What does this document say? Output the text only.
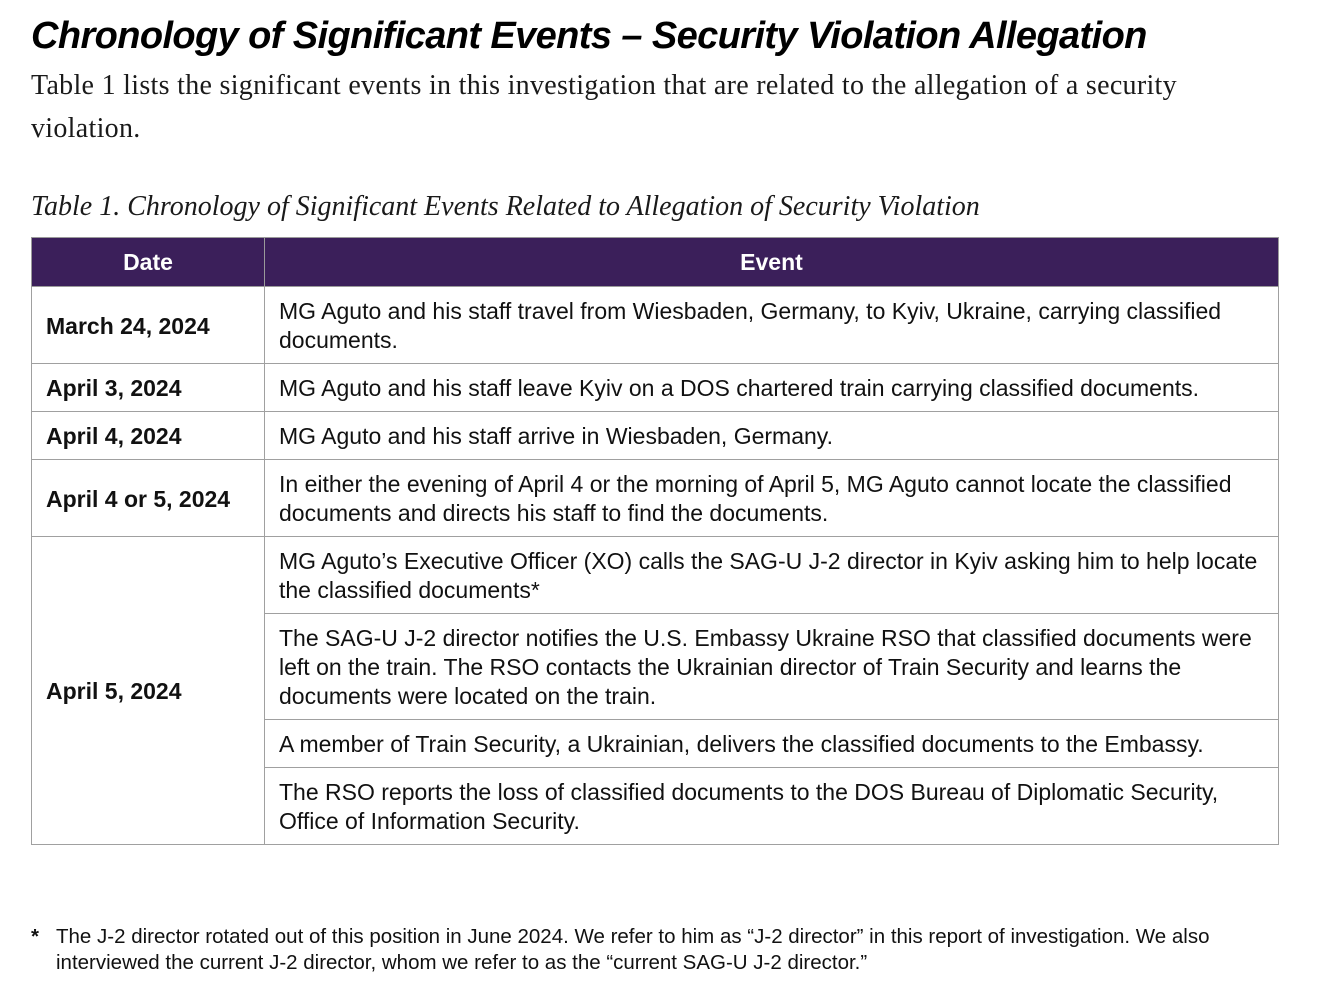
Chronology of Significant Events – Security Violation Allegation

Table 1 lists the significant events in this investigation that are related to the allegation of a security violation.

Table 1. Chronology of Significant Events Related to Allegation of Security Violation

Date	Event
March 24, 2024	MG Aguto and his staff travel from Wiesbaden, Germany, to Kyiv, Ukraine, carrying classified documents.
April 3, 2024	MG Aguto and his staff leave Kyiv on a DOS chartered train carrying classified documents.
April 4, 2024	MG Aguto and his staff arrive in Wiesbaden, Germany.
April 4 or 5, 2024	In either the evening of April 4 or the morning of April 5, MG Aguto cannot locate the classified documents and directs his staff to find the documents.
April 5, 2024	MG Aguto’s Executive Officer (XO) calls the SAG-U J-2 director in Kyiv asking him to help locate the classified documents*
	The SAG-U J-2 director notifies the U.S. Embassy Ukraine RSO that classified documents were left on the train. The RSO contacts the Ukrainian director of Train Security and learns the documents were located on the train.
	A member of Train Security, a Ukrainian, delivers the classified documents to the Embassy.
	The RSO reports the loss of classified documents to the DOS Bureau of Diplomatic Security, Office of Information Security.
* The J-2 director rotated out of this position in June 2024. We refer to him as “J-2 director” in this report of investigation. We also interviewed the current J-2 director, whom we refer to as the “current SAG-U J-2 director.”
